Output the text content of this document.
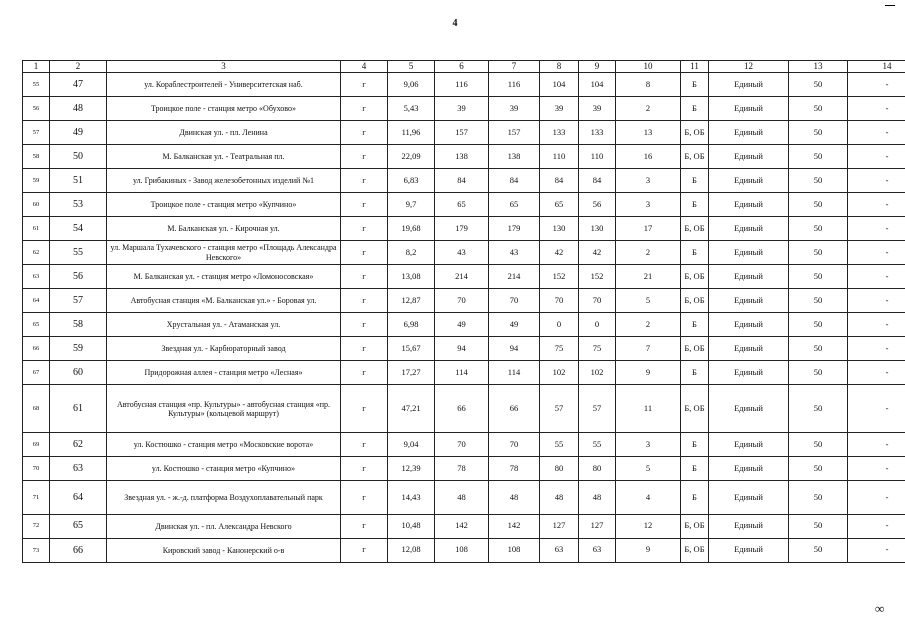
4
1	2	3	4	5	6	7	8	9	10	11	12	13	14
55	47	ул. Кораблестроителей - Университетская наб.	г	9,06	116	116	104	104	8	Б	Единый	50	-
56	48	Троицкое поле - станция метро «Обухово»	г	5,43	39	39	39	39	2	Б	Единый	50	-
57	49	Двинская ул. - пл. Ленина	г	11,96	157	157	133	133	13	Б, ОБ	Единый	50	-
58	50	М. Балканская ул. - Театральная пл.	г	22,09	138	138	110	110	16	Б, ОБ	Единый	50	-
59	51	ул. Грибакиных - Завод железобетонных изделий №1	г	6,83	84	84	84	84	3	Б	Единый	50	-
60	53	Троицкое поле - станция метро «Купчино»	г	9,7	65	65	65	56	3	Б	Единый	50	-
61	54	М. Балканская ул. - Кирочная ул.	г	19,68	179	179	130	130	17	Б, ОБ	Единый	50	-
62	55	ул. Маршала Тухачевского - станция метро «Площадь Александра Невского»	г	8,2	43	43	42	42	2	Б	Единый	50	-
63	56	М. Балканская ул. - станция метро «Ломоносовская»	г	13,08	214	214	152	152	21	Б, ОБ	Единый	50	-
64	57	Автобусная станция «М. Балканская ул.» - Боровая ул.	г	12,87	70	70	70	70	5	Б, ОБ	Единый	50	-
65	58	Хрустальная ул. - Атаманская ул.	г	6,98	49	49	0	0	2	Б	Единый	50	-
66	59	Звездная ул. - Карбюраторный завод	г	15,67	94	94	75	75	7	Б, ОБ	Единый	50	-
67	60	Придорожная аллея - станция метро «Лесная»	г	17,27	114	114	102	102	9	Б	Единый	50	-
68	61	Автобусная станция «пр. Культуры» - автобусная станция «пр. Культуры» (кольцевой маршрут)	г	47,21	66	66	57	57	11	Б, ОБ	Единый	50	-
69	62	ул. Костюшко - станция метро «Московские ворота»	г	9,04	70	70	55	55	3	Б	Единый	50	-
70	63	ул. Костюшко - станция метро «Купчино»	г	12,39	78	78	80	80	5	Б	Единый	50	-
71	64	Звездная ул. - ж.-д. платформа Воздухоплавательный парк	г	14,43	48	48	48	48	4	Б	Единый	50	-
72	65	Двинская ул. - пл. Александра Невского	г	10,48	142	142	127	127	12	Б, ОБ	Единый	50	-
73	66	Кировский завод - Канонерский о-в	г	12,08	108	108	63	63	9	Б, ОБ	Единый	50	-
∞
